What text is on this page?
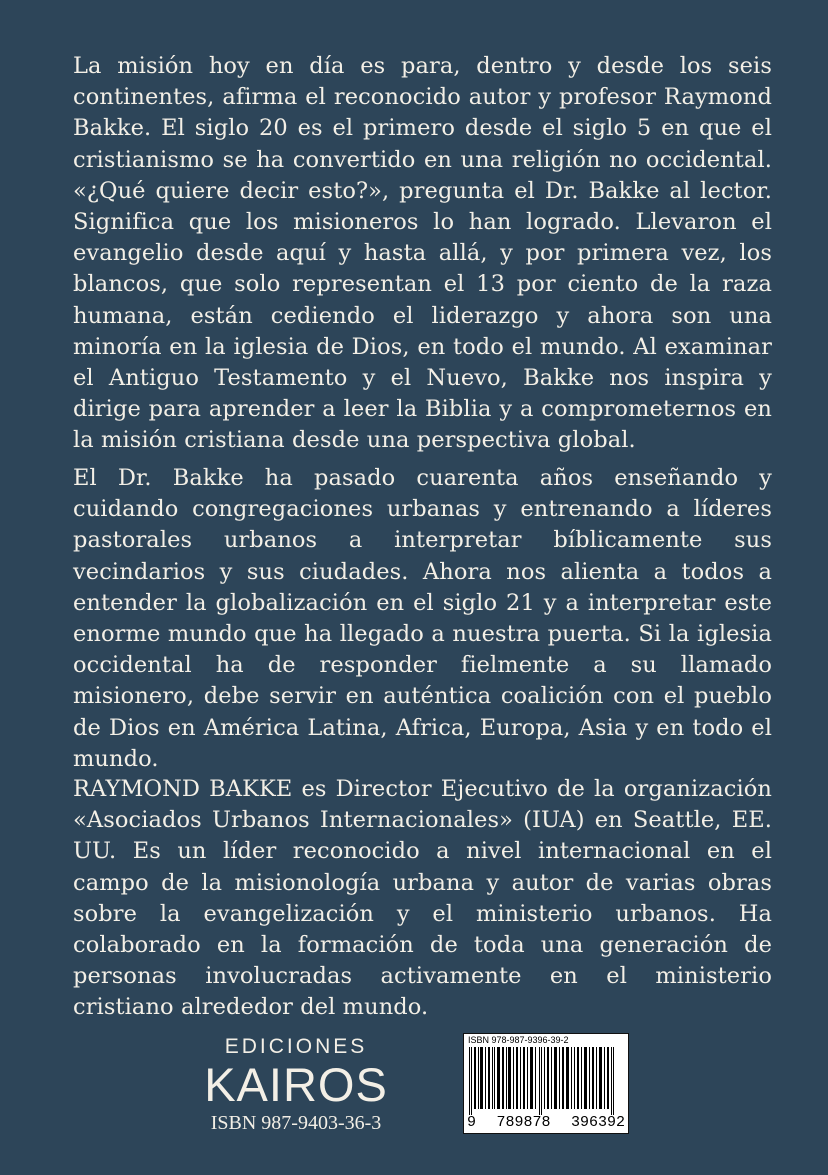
La misión hoy en día es para, dentro y desde los seis continentes, afirma el reconocido autor y profesor Raymond Bakke. El siglo 20 es el primero desde el siglo 5 en que el cristianismo se ha convertido en una religión no occidental. «¿Qué quiere decir esto?», pregunta el Dr. Bakke al lector. Significa que los misioneros lo han logrado. Llevaron el evangelio desde aquí y hasta allá, y por primera vez, los blancos, que solo representan el 13 por ciento de la raza humana, están cediendo el liderazgo y ahora son una minoría en la iglesia de Dios, en todo el mundo. Al examinar el Antiguo Testamento y el Nuevo, Bakke nos inspira y dirige para aprender a leer la Biblia y a comprometernos en la misión cristiana desde una perspectiva global.

El Dr. Bakke ha pasado cuarenta años enseñando y cuidando congregaciones urbanas y entrenando a líderes pastorales urbanos a interpretar bíblicamente sus vecindarios y sus ciudades. Ahora nos alienta a todos a entender la globalización en el siglo 21 y a interpretar este enorme mundo que ha llegado a nuestra puerta. Si la iglesia occidental ha de responder fielmente a su llamado misionero, debe servir en auténtica coalición con el pueblo de Dios en América Latina, Africa, Europa, Asia y en todo el mundo.

RAYMOND BAKKE es Director Ejecutivo de la organización «Asociados Urbanos Internacionales» (IUA) en Seattle, EE. UU. Es un líder reconocido a nivel internacional en el campo de la misionología urbana y autor de varias obras sobre la evangelización y el ministerio urbanos. Ha colaborado en la formación de toda una generación de personas involucradas activamente en el ministerio cristiano alrededor del mundo.

EDICIONES
KAIROS
ISBN 987-9403-36-3
ISBN 978-987-9396-39-2
9 789878 396392
